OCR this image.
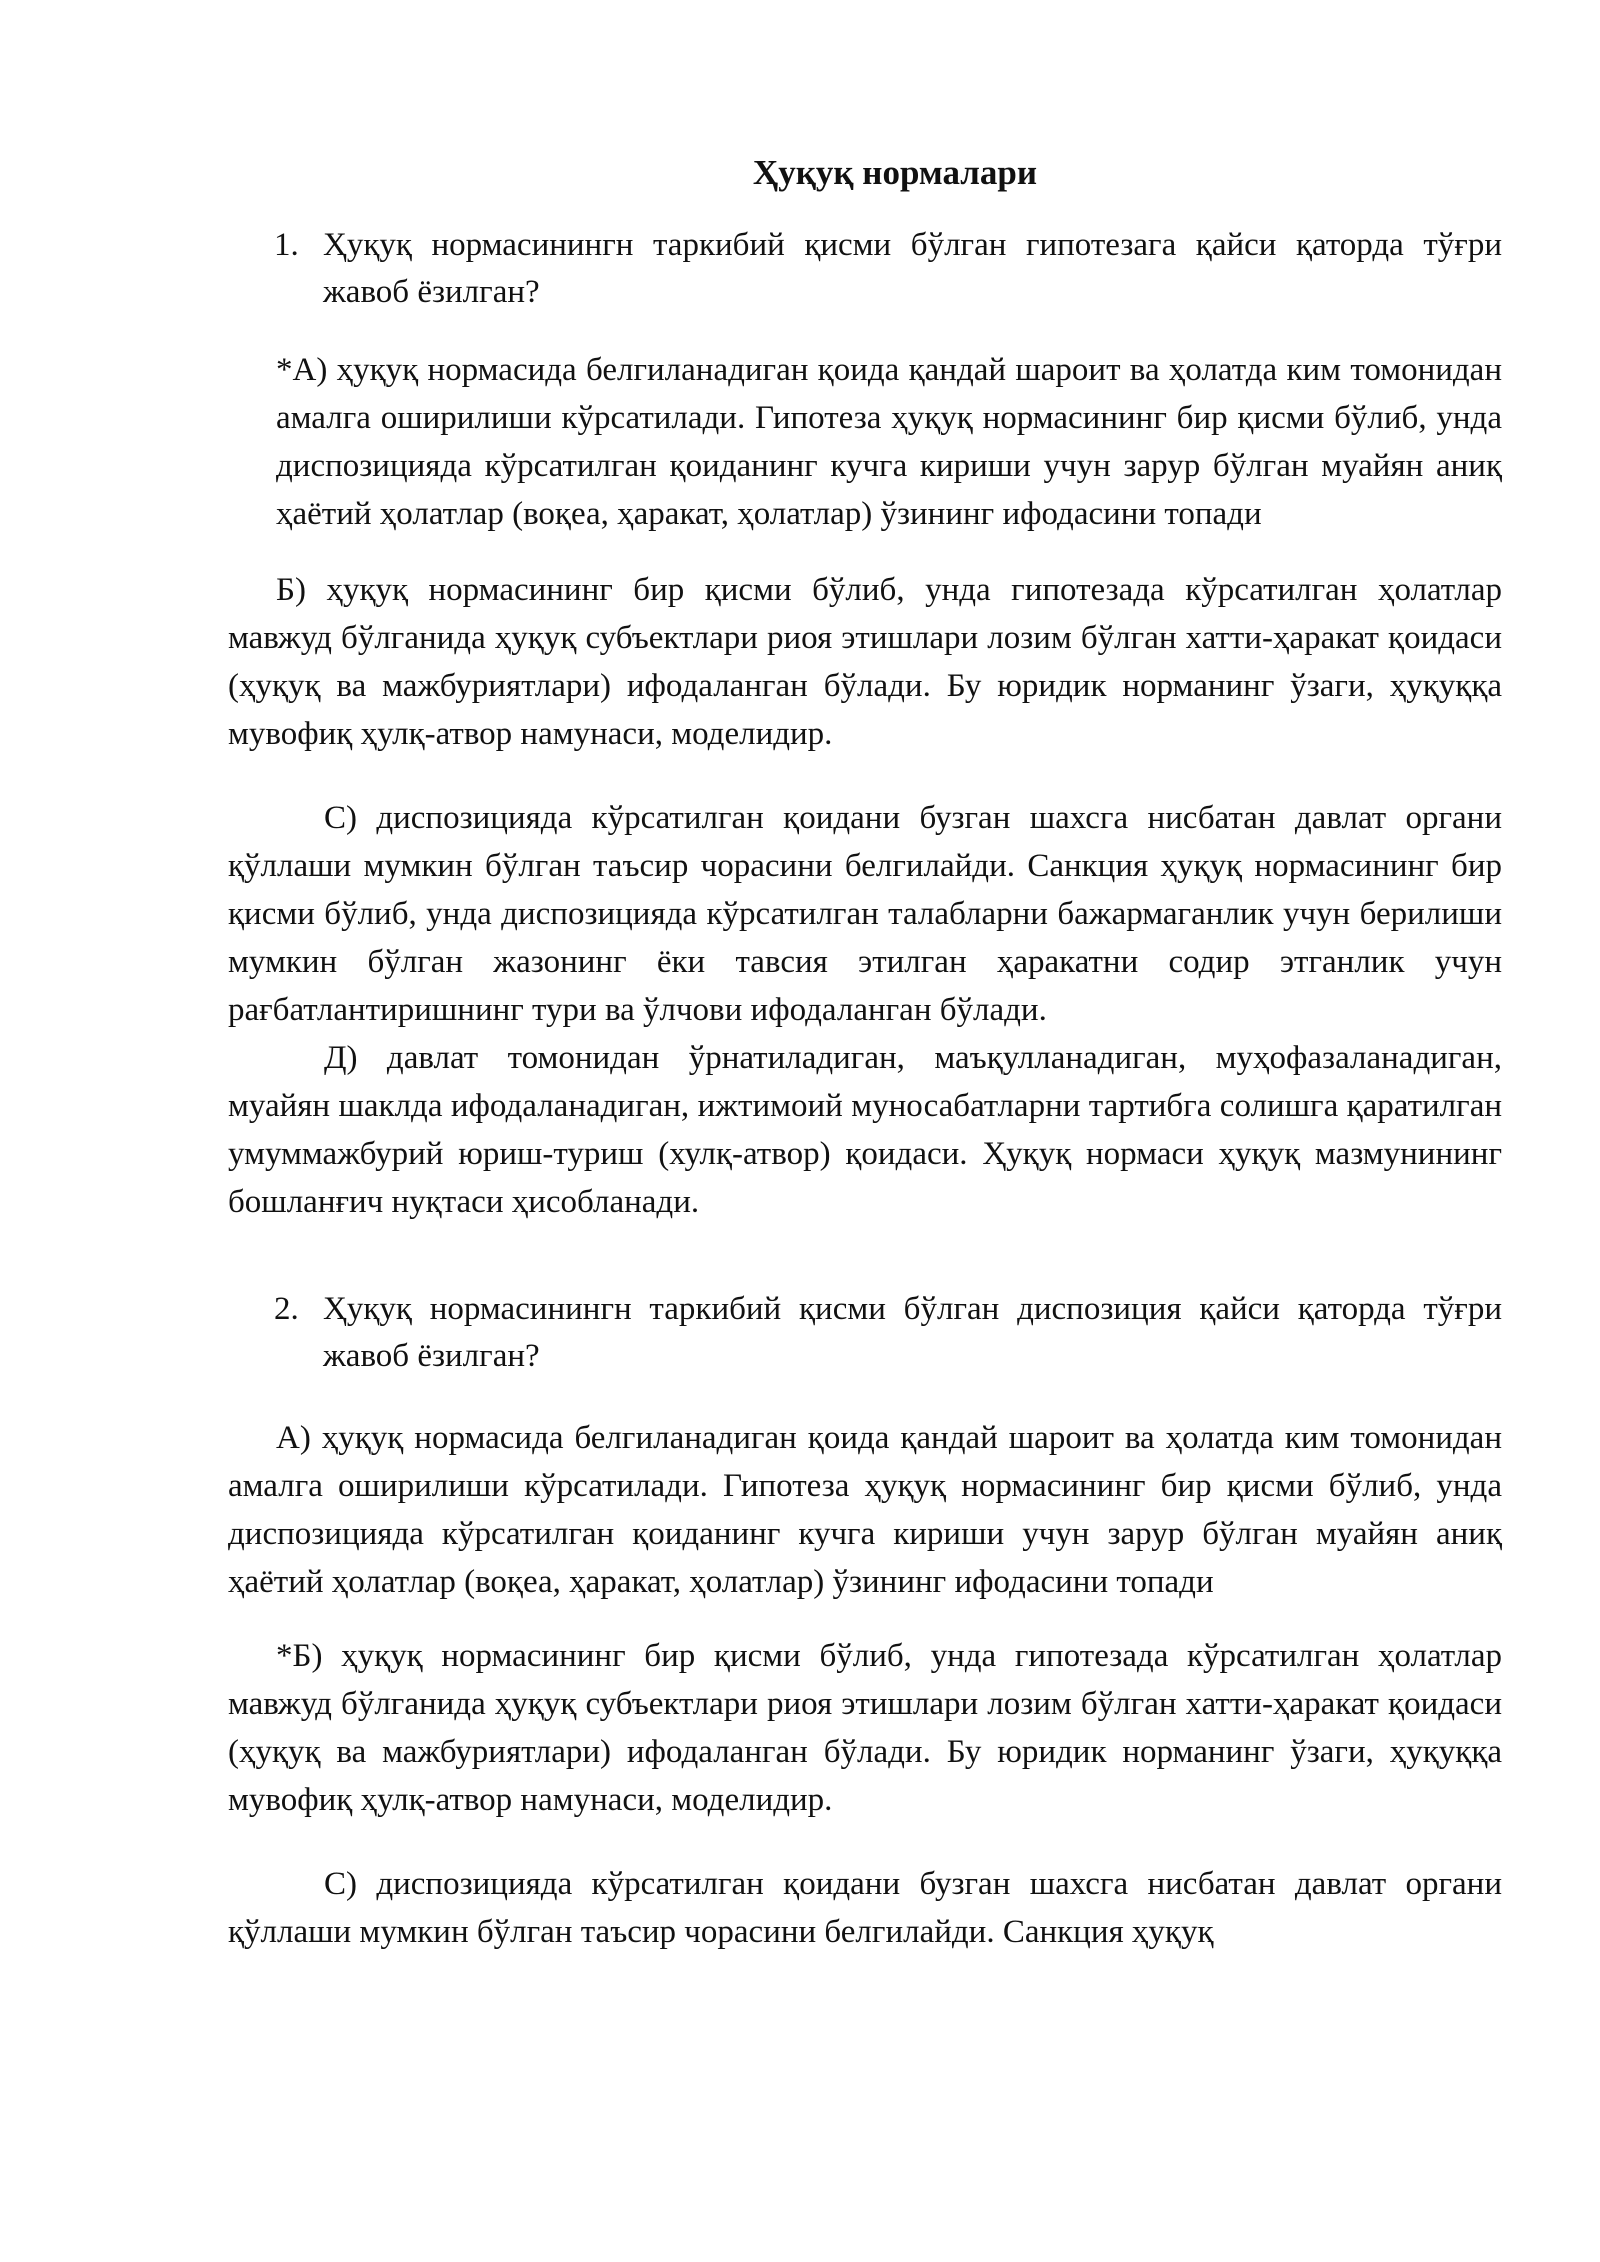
Ҳуқуқ нормалари

1. Ҳуқуқ нормасинингн таркибий қисми бўлган гипотезага қайси қаторда тўғри жавоб ёзилган?

*А) ҳуқуқ нормасида белгиланадиган қоида қандай шароит ва ҳолатда ким томонидан амалга оширилиши кўрсатилади. Гипотеза ҳуқуқ нормасининг бир қисми бўлиб, унда диспозицияда кўрсатилган қоиданинг кучга кириши учун зарур бўлган муайян аниқ ҳаётий ҳолатлар (воқеа, ҳаракат, ҳолатлар) ўзининг ифодасини топади

Б) ҳуқуқ нормасининг бир қисми бўлиб, унда гипотезада кўрсатилган ҳолатлар мавжуд бўлганида ҳуқуқ субъектлари риоя этишлари лозим бўлган хатти-ҳаракат қоидаси (ҳуқуқ ва мажбуриятлари) ифодаланган бўлади. Бу юридик норманинг ўзаги, ҳуқуққа мувофиқ ҳулқ-атвор намунаси, моделидир.

С) диспозицияда кўрсатилган қоидани бузган шахсга нисбатан давлат органи қўллаши мумкин бўлган таъсир чорасини белгилайди. Санкция ҳуқуқ нормасининг бир қисми бўлиб, унда диспозицияда кўрсатилган талабларни бажармаганлик учун берилиши мумкин бўлган жазонинг ёки тавсия этилган ҳаракатни содир этганлик учун рағбатлантиришнинг тури ва ўлчови ифодаланган бўлади.

Д) давлат томонидан ўрнатиладиган, маъқулланадиган, муҳофазаланадиган, муайян шаклда ифодаланадиган, ижтимоий муносабатларни тартибга солишга қаратилган умуммажбурий юриш-туриш (хулқ-атвор) қоидаси. Ҳуқуқ нормаси ҳуқуқ мазмунининг бошланғич нуқтаси ҳисобланади.

2. Ҳуқуқ нормасинингн таркибий қисми бўлган диспозиция қайси қаторда тўғри жавоб ёзилган?

А) ҳуқуқ нормасида белгиланадиган қоида қандай шароит ва ҳолатда ким томонидан амалга оширилиши кўрсатилади. Гипотеза ҳуқуқ нормасининг бир қисми бўлиб, унда диспозицияда кўрсатилган қоиданинг кучга кириши учун зарур бўлган муайян аниқ ҳаётий ҳолатлар (воқеа, ҳаракат, ҳолатлар) ўзининг ифодасини топади

*Б) ҳуқуқ нормасининг бир қисми бўлиб, унда гипотезада кўрсатилган ҳолатлар мавжуд бўлганида ҳуқуқ субъектлари риоя этишлари лозим бўлган хатти-ҳаракат қоидаси (ҳуқуқ ва мажбуриятлари) ифодаланган бўлади. Бу юридик норманинг ўзаги, ҳуқуққа мувофиқ ҳулқ-атвор намунаси, моделидир.

С) диспозицияда кўрсатилган қоидани бузган шахсга нисбатан давлат органи қўллаши мумкин бўлган таъсир чорасини белгилайди. Санкция ҳуқуқ
